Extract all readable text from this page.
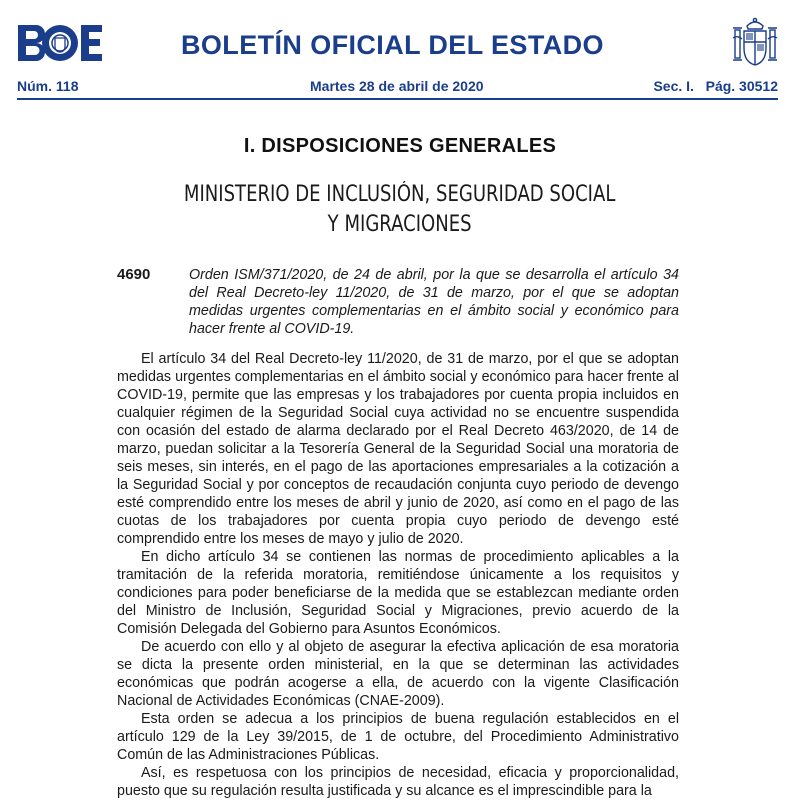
BOLETÍN OFICIAL DEL ESTADO
Núm. 118	Martes 28 de abril de 2020	Sec. I.   Pág. 30512
I. DISPOSICIONES GENERALES
MINISTERIO DE INCLUSIÓN, SEGURIDAD SOCIAL
Y MIGRACIONES
4690	Orden ISM/371/2020, de 24 de abril, por la que se desarrolla el artículo 34 del Real Decreto-ley 11/2020, de 31 de marzo, por el que se adoptan medidas urgentes complementarias en el ámbito social y económico para hacer frente al COVID-19.

El artículo 34 del Real Decreto-ley 11/2020, de 31 de marzo, por el que se adoptan medidas urgentes complementarias en el ámbito social y económico para hacer frente al COVID-19, permite que las empresas y los trabajadores por cuenta propia incluidos en cualquier régimen de la Seguridad Social cuya actividad no se encuentre suspendida con ocasión del estado de alarma declarado por el Real Decreto 463/2020, de 14 de marzo, puedan solicitar a la Tesorería General de la Seguridad Social una moratoria de seis meses, sin interés, en el pago de las aportaciones empresariales a la cotización a la Seguridad Social y por conceptos de recaudación conjunta cuyo periodo de devengo esté comprendido entre los meses de abril y junio de 2020, así como en el pago de las cuotas de los trabajadores por cuenta propia cuyo periodo de devengo esté comprendido entre los meses de mayo y julio de 2020.

En dicho artículo 34 se contienen las normas de procedimiento aplicables a la tramitación de la referida moratoria, remitiéndose únicamente a los requisitos y condiciones para poder beneficiarse de la medida que se establezcan mediante orden del Ministro de Inclusión, Seguridad Social y Migraciones, previo acuerdo de la Comisión Delegada del Gobierno para Asuntos Económicos.

De acuerdo con ello y al objeto de asegurar la efectiva aplicación de esa moratoria se dicta la presente orden ministerial, en la que se determinan las actividades económicas que podrán acogerse a ella, de acuerdo con la vigente Clasificación Nacional de Actividades Económicas (CNAE-2009).

Esta orden se adecua a los principios de buena regulación establecidos en el artículo 129 de la Ley 39/2015, de 1 de octubre, del Procedimiento Administrativo Común de las Administraciones Públicas.

Así, es respetuosa con los principios de necesidad, eficacia y proporcionalidad, puesto que su regulación resulta justificada y su alcance es el imprescindible para la
